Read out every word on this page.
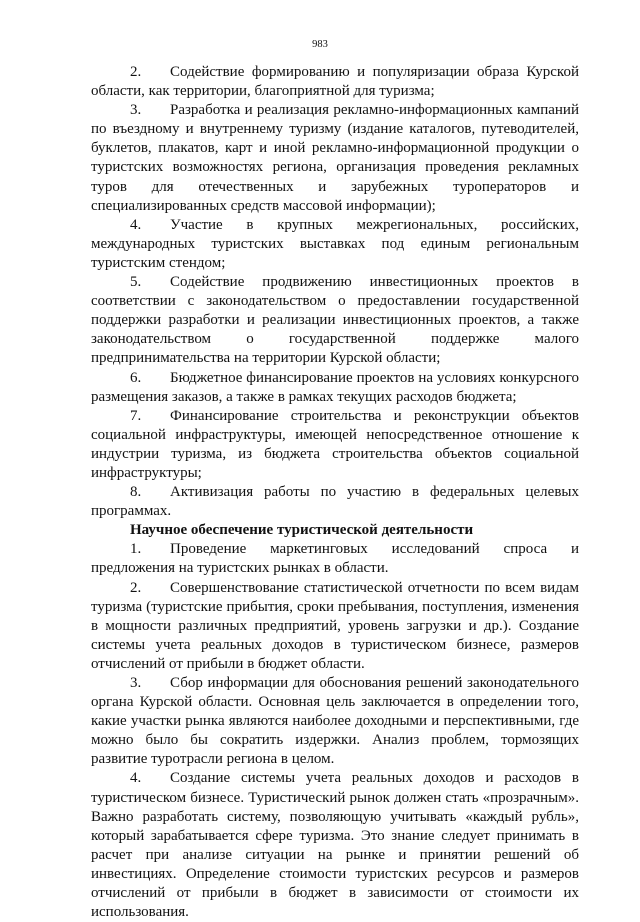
983

2. Содействие формированию и популяризации образа Курской области, как территории, благоприятной для туризма;

3. Разработка и реализация рекламно-информационных кампаний по въездному и внутреннему туризму (издание каталогов, путеводителей, буклетов, плакатов, карт и иной рекламно-информационной продукции о туристских возможностях региона, организация проведения рекламных туров для отечественных и зарубежных туроператоров и специализированных средств массовой информации);

4. Участие в крупных межрегиональных, российских, международных туристских выставках под единым региональным туристским стендом;

5. Содействие продвижению инвестиционных проектов в соответствии с законодательством о предоставлении государственной поддержки разработки и реализации инвестиционных проектов, а также законодательством о государственной поддержке малого предпринимательства на территории Курской области;

6. Бюджетное финансирование проектов на условиях конкурсного размещения заказов, а также в рамках текущих расходов бюджета;

7. Финансирование строительства и реконструкции объектов социальной инфраструктуры, имеющей непосредственное отношение к индустрии туризма, из бюджета строительства объектов социальной инфраструктуры;

8. Активизация работы по участию в федеральных целевых программах.

Научное обеспечение туристической деятельности

1. Проведение маркетинговых исследований спроса и предложения на туристских рынках в области.

2. Совершенствование статистической отчетности по всем видам туризма (туристские прибытия, сроки пребывания, поступления, изменения в мощности различных предприятий, уровень загрузки и др.). Создание системы учета реальных доходов в туристическом бизнесе, размеров отчислений от прибыли в бюджет области.

3. Сбор информации для обоснования решений законодательного органа Курской области. Основная цель заключается в определении того, какие участки рынка являются наиболее доходными и перспективными, где можно было бы сократить издержки. Анализ проблем, тормозящих развитие туротрасли региона в целом.

4. Создание системы учета реальных доходов и расходов в туристическом бизнесе. Туристический рынок должен стать «прозрачным». Важно разработать систему, позволяющую учитывать «каждый рубль», который зарабатывается сфере туризма. Это знание следует принимать в расчет при анализе ситуации на рынке и принятии решений об инвестициях. Определение стоимости туристских ресурсов и размеров отчислений от прибыли в бюджет в зависимости от стоимости их использования.
